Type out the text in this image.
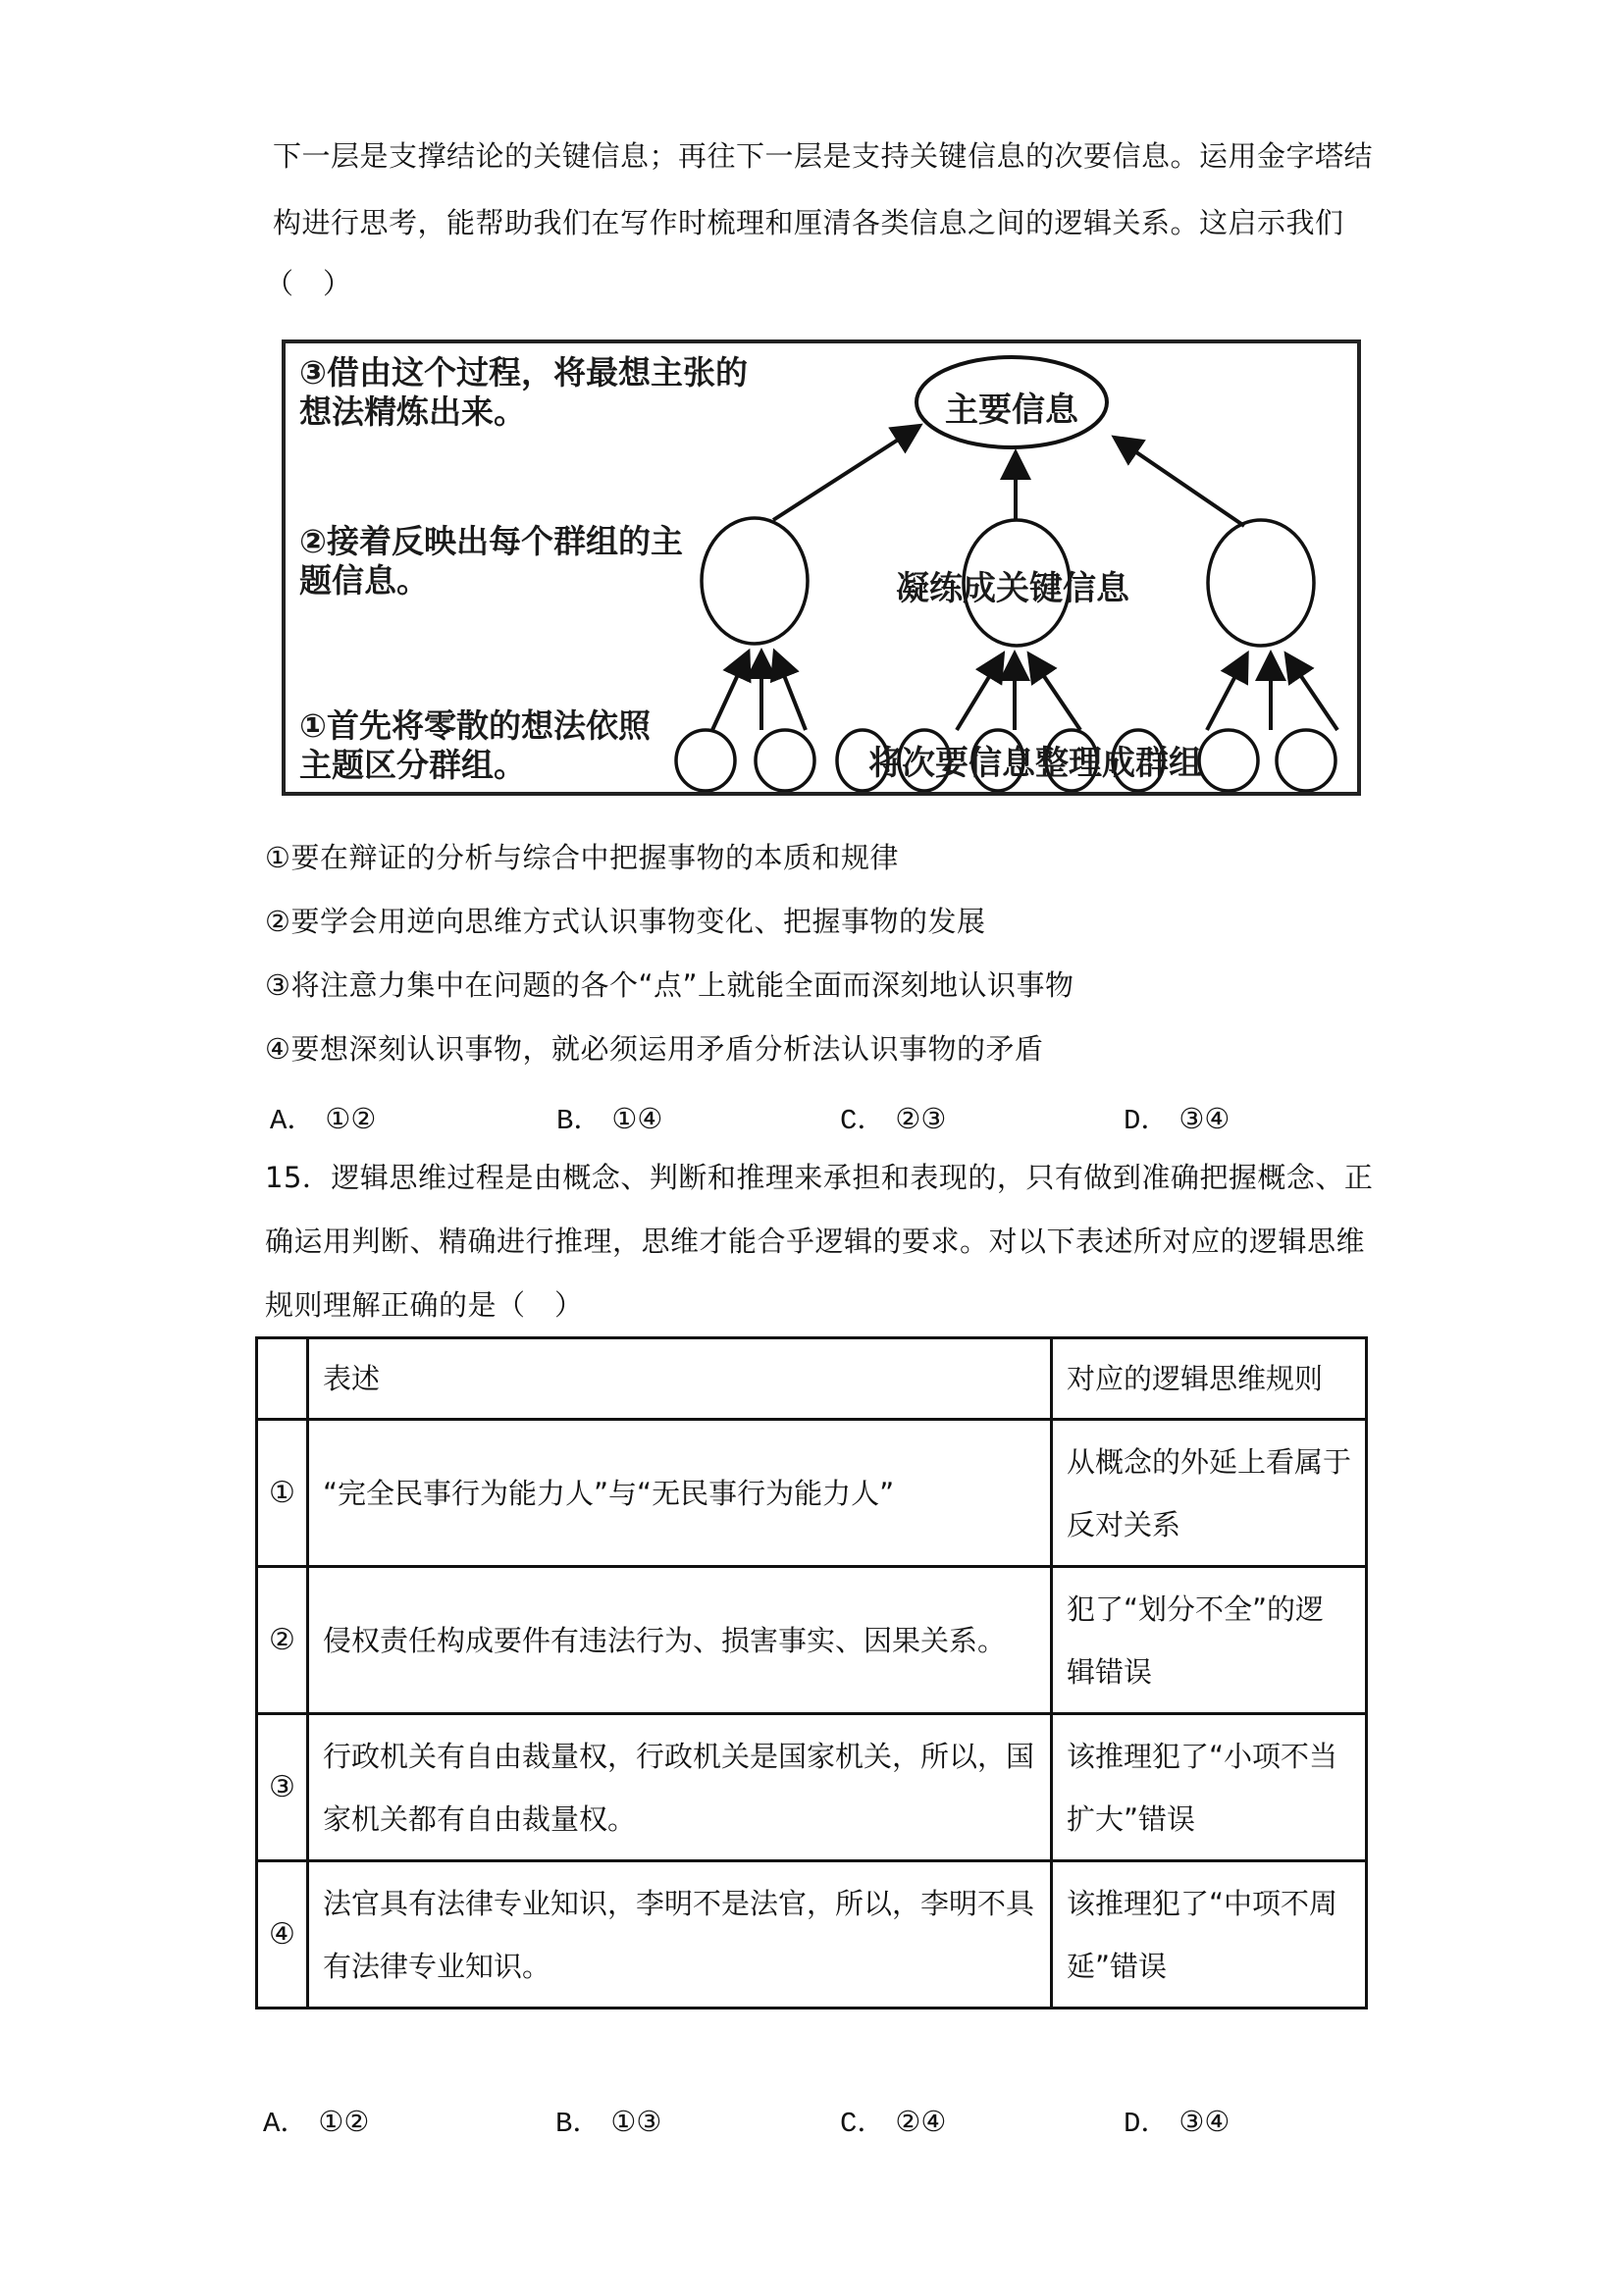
下一层是支撑结论的关键信息；再往下一层是支持关键信息的次要信息。运用金字塔结
构进行思考，能帮助我们在写作时梳理和厘清各类信息之间的逻辑关系。这启示我们
（　）
③借由这个过程，将最想主张的
想法精炼出来。
②接着反映出每个群组的主
题信息。
①首先将零散的想法依照
主题区分群组。
主要信息
凝练成关键信息
将次要信息整理成群组
①要在辩证的分析与综合中把握事物的本质和规律
②要学会用逆向思维方式认识事物变化、把握事物的发展
③将注意力集中在问题的各个“点”上就能全面而深刻地认识事物
④要想深刻认识事物，就必须运用矛盾分析法认识事物的矛盾
A． ①②	B． ①④	C． ②③	D． ③④
15．逻辑思维过程是由概念、判断和推理来承担和表现的，只有做到准确把握概念、正
确运用判断、精确进行推理，思维才能合乎逻辑的要求。对以下表述所对应的逻辑思维
规则理解正确的是（　）
	表述	对应的逻辑思维规则
①	“完全民事行为能力人”与“无民事行为能力人”	从概念的外延上看属于反对关系
②	侵权责任构成要件有违法行为、损害事实、因果关系。	犯了“划分不全”的逻辑错误
③	行政机关有自由裁量权，行政机关是国家机关，所以，国家机关都有自由裁量权。	该推理犯了“小项不当扩大”错误
④	法官具有法律专业知识，李明不是法官，所以，李明不具有法律专业知识。	该推理犯了“中项不周延”错误
A． ①②	B． ①③	C． ②④	D． ③④
